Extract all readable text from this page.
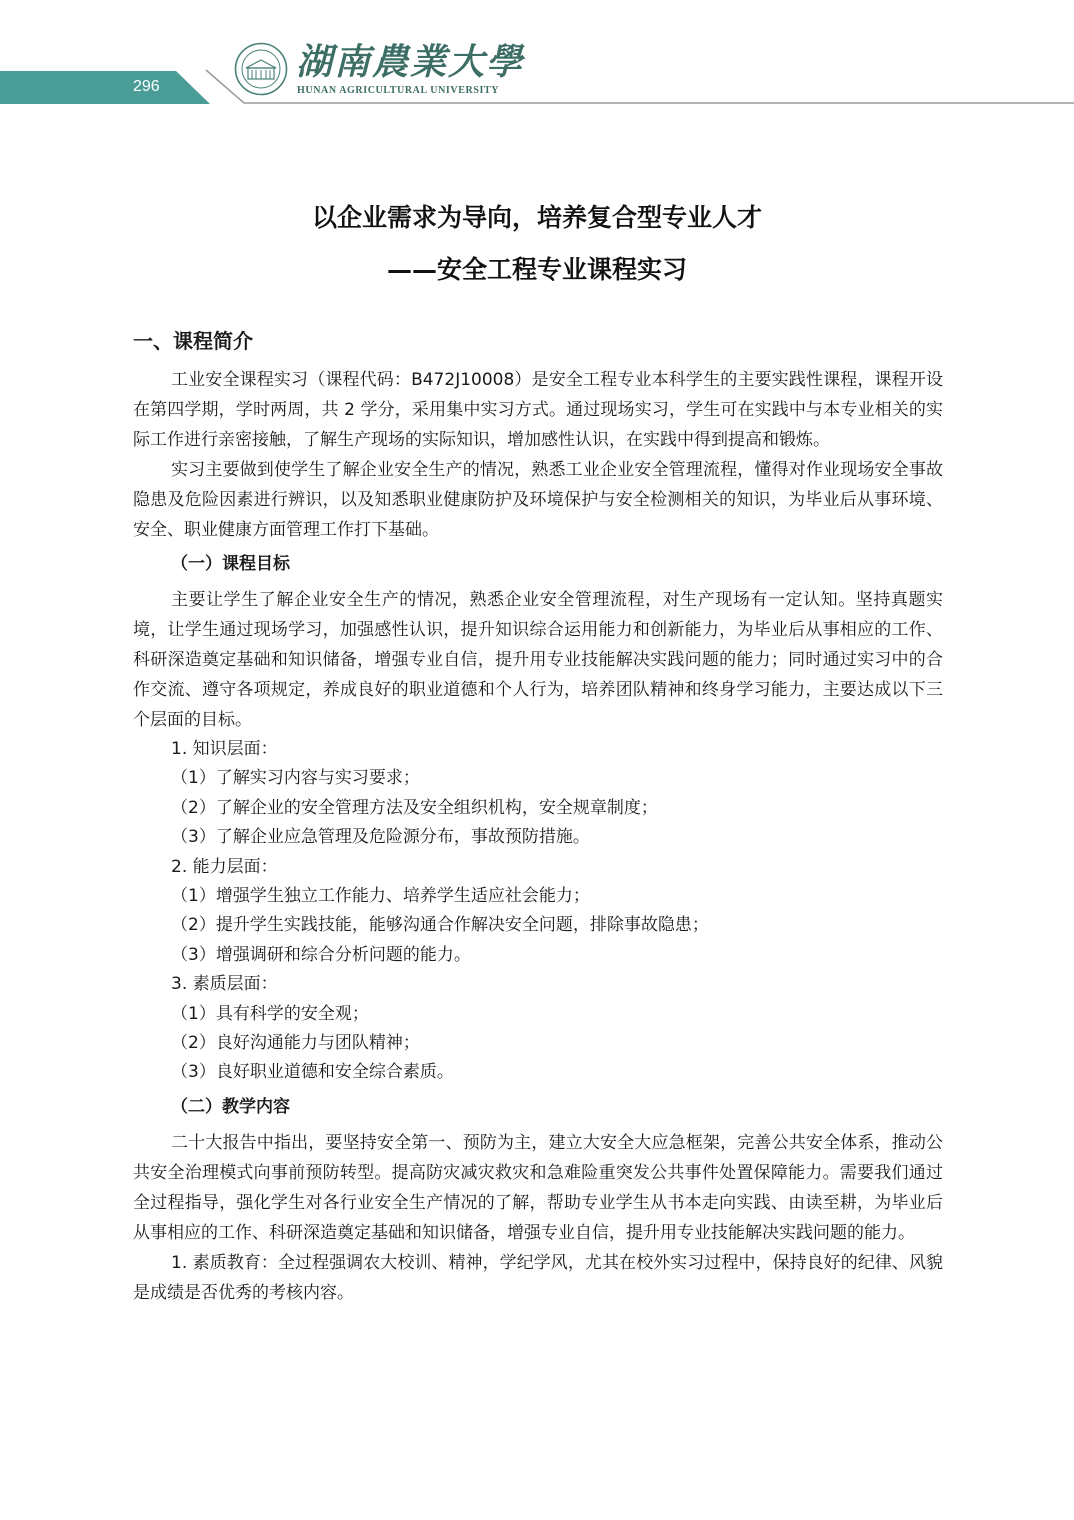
296
湖南農業大學
HUNAN AGRICULTURAL UNIVERSITY
以企业需求为导向，培养复合型专业人才
——安全工程专业课程实习
一、课程简介

工业安全课程实习（课程代码：B472J10008）是安全工程专业本科学生的主要实践性课程，课程开设在第四学期，学时两周，共 2 学分，采用集中实习方式。通过现场实习，学生可在实践中与本专业相关的实际工作进行亲密接触，了解生产现场的实际知识，增加感性认识，在实践中得到提高和锻炼。

实习主要做到使学生了解企业安全生产的情况，熟悉工业企业安全管理流程，懂得对作业现场安全事故隐患及危险因素进行辨识，以及知悉职业健康防护及环境保护与安全检测相关的知识，为毕业后从事环境、安全、职业健康方面管理工作打下基础。

（一）课程目标

主要让学生了解企业安全生产的情况，熟悉企业安全管理流程，对生产现场有一定认知。坚持真题实境，让学生通过现场学习，加强感性认识，提升知识综合运用能力和创新能力，为毕业后从事相应的工作、科研深造奠定基础和知识储备，增强专业自信，提升用专业技能解决实践问题的能力；同时通过实习中的合作交流、遵守各项规定，养成良好的职业道德和个人行为，培养团队精神和终身学习能力，主要达成以下三个层面的目标。

1. 知识层面：
（1）了解实习内容与实习要求；
（2）了解企业的安全管理方法及安全组织机构，安全规章制度；
（3）了解企业应急管理及危险源分布，事故预防措施。
2. 能力层面：
（1）增强学生独立工作能力、培养学生适应社会能力；
（2）提升学生实践技能，能够沟通合作解决安全问题，排除事故隐患；
（3）增强调研和综合分析问题的能力。
3. 素质层面：
（1）具有科学的安全观；
（2）良好沟通能力与团队精神；
（3）良好职业道德和安全综合素质。
（二）教学内容

二十大报告中指出，要坚持安全第一、预防为主，建立大安全大应急框架，完善公共安全体系，推动公共安全治理模式向事前预防转型。提高防灾减灾救灾和急难险重突发公共事件处置保障能力。需要我们通过全过程指导，强化学生对各行业安全生产情况的了解，帮助专业学生从书本走向实践、由读至耕，为毕业后从事相应的工作、科研深造奠定基础和知识储备，增强专业自信，提升用专业技能解决实践问题的能力。

1. 素质教育：全过程强调农大校训、精神，学纪学风，尤其在校外实习过程中，保持良好的纪律、风貌是成绩是否优秀的考核内容。
